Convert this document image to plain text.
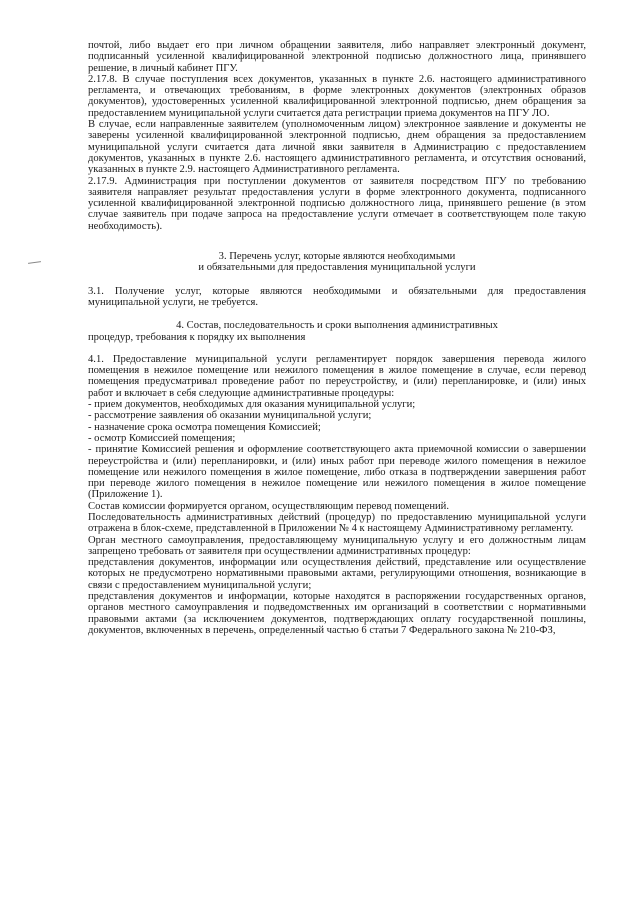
почтой, либо выдает его при личном обращении заявителя, либо направляет электронный документ, подписанный усиленной квалифицированной электронной подписью должностного лица, принявшего решение, в личный кабинет ПГУ.

2.17.8. В случае поступления всех документов, указанных в пункте 2.6. настоящего административного регламента, и отвечающих требованиям, в форме электронных документов (электронных образов документов), удостоверенных усиленной квалифицированной электронной подписью, днем обращения за предоставлением муниципальной услуги считается дата регистрации приема документов на ПГУ ЛО.

В случае, если направленные заявителем (уполномоченным лицом) электронное заявление и документы не заверены усиленной квалифицированной электронной подписью, днем обращения за предоставлением муниципальной услуги считается дата личной явки заявителя в Администрацию с предоставлением документов, указанных в пункте 2.6. настоящего административного регламента, и отсутствия оснований, указанных в пункте 2.9. настоящего Административного регламента.

2.17.9. Администрация при поступлении документов от заявителя посредством ПГУ по требованию заявителя направляет результат предоставления услуги в форме электронного документа, подписанного усиленной квалифицированной электронной подписью должностного лица, принявшего решение (в этом случае заявитель при подаче запроса на предоставление услуги отмечает в соответствующем поле такую необходимость).

3. Перечень услуг, которые являются необходимыми
и обязательными для предоставления муниципальной услуги

3.1. Получение услуг, которые являются необходимыми и обязательными для предоставления муниципальной услуги, не требуется.

4. Состав, последовательность и сроки выполнения административных
процедур, требования к порядку их выполнения

4.1. Предоставление муниципальной услуги регламентирует порядок завершения перевода жилого помещения в нежилое помещение или нежилого помещения в жилое помещение в случае, если перевод помещения предусматривал проведение работ по переустройству, и (или) перепланировке, и (или) иных работ и включает в себя следующие административные процедуры:

- прием документов, необходимых для оказания муниципальной услуги;
- рассмотрение заявления об оказании муниципальной услуги;
- назначение срока осмотра помещения Комиссией;
- осмотр Комиссией помещения;
- принятие Комиссией решения и оформление соответствующего акта приемочной комиссии о завершении переустройства и (или) перепланировки, и (или) иных работ при переводе жилого помещения в нежилое помещение или нежилого помещения в жилое помещение, либо отказа в подтверждении завершения работ при переводе жилого помещения в нежилое помещение или нежилого помещения в жилое помещение (Приложение 1).

Состав комиссии формируется органом, осуществляющим перевод помещений.

Последовательность административных действий (процедур) по предоставлению муниципальной услуги отражена в блок-схеме, представленной в Приложении № 4 к настоящему Административному регламенту.

Орган местного самоуправления, предоставляющему муниципальную услугу и его должностным лицам запрещено требовать от заявителя при осуществлении административных процедур:

представления документов, информации или осуществления действий, представление или осуществление которых не предусмотрено нормативными правовыми актами, регулирующими отношения, возникающие в связи с предоставлением муниципальной услуги;

представления документов и информации, которые находятся в распоряжении государственных органов, органов местного самоуправления и подведомственных им организаций в соответствии с нормативными правовыми актами (за исключением документов, подтверждающих оплату государственной пошлины, документов, включенных в перечень, определенный частью 6 статьи 7 Федерального закона № 210-ФЗ,
